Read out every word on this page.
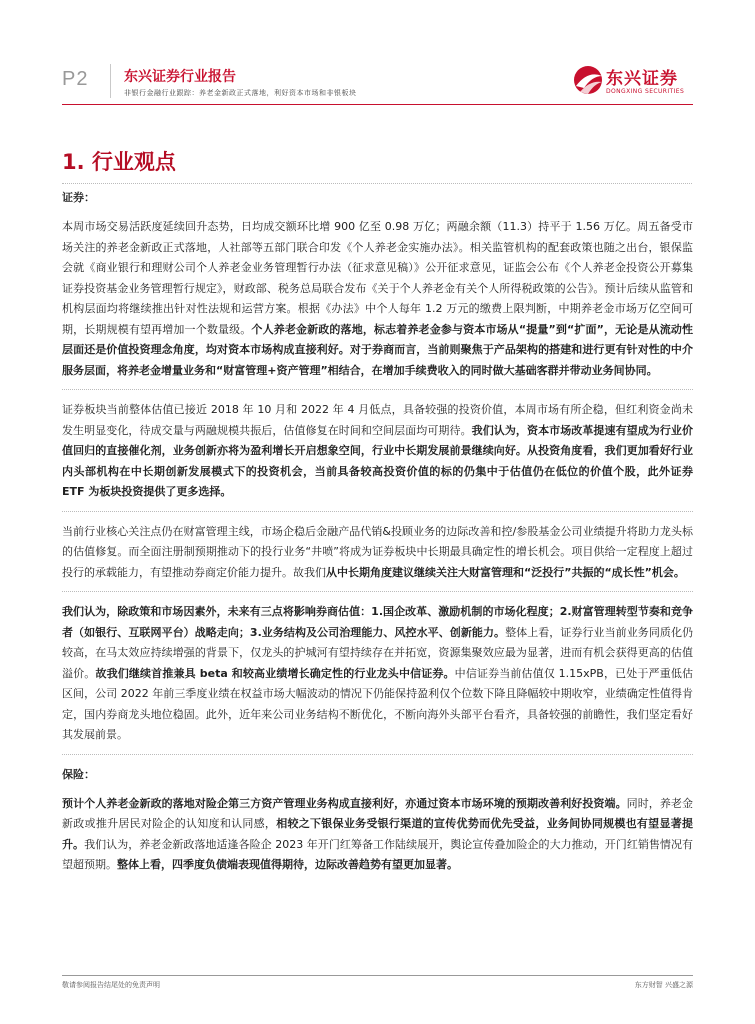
P2	东兴证券行业报告
非银行金融行业跟踪：养老金新政正式落地，利好资本市场和非银板块
东兴证券
DONGXING SECURITIES
1. 行业观点
证券：

本周市场交易活跃度延续回升态势，日均成交额环比增 900 亿至 0.98 万亿；两融余额（11.3）持平于 1.56 万亿。周五备受市场关注的养老金新政正式落地，人社部等五部门联合印发《个人养老金实施办法》。相关监管机构的配套政策也随之出台，银保监会就《商业银行和理财公司个人养老金业务管理暂行办法（征求意见稿）》公开征求意见，证监会公布《个人养老金投资公开募集证券投资基金业务管理暂行规定》，财政部、税务总局联合发布《关于个人养老金有关个人所得税政策的公告》。预计后续从监管和机构层面均将继续推出针对性法规和运营方案。根据《办法》中个人每年 1.2 万元的缴费上限判断，中期养老金市场万亿空间可期，长期规模有望再增加一个数量级。个人养老金新政的落地，标志着养老金参与资本市场从“提量”到“扩面”，无论是从流动性层面还是价值投资理念角度，均对资本市场构成直接利好。对于券商而言，当前则聚焦于产品架构的搭建和进行更有针对性的中介服务层面，将养老金增量业务和“财富管理+资产管理”相结合，在增加手续费收入的同时做大基础客群并带动业务间协同。

证券板块当前整体估值已接近 2018 年 10 月和 2022 年 4 月低点，具备较强的投资价值，本周市场有所企稳，但红利资金尚未发生明显变化，待成交量与两融规模共振后，估值修复在时间和空间层面均可期待。我们认为，资本市场改革提速有望成为行业价值回归的直接催化剂，业务创新亦将为盈利增长开启想象空间，行业中长期发展前景继续向好。从投资角度看，我们更加看好行业内头部机构在中长期创新发展模式下的投资机会，当前具备较高投资价值的标的仍集中于估值仍在低位的价值个股，此外证券 ETF 为板块投资提供了更多选择。

当前行业核心关注点仍在财富管理主线，市场企稳后金融产品代销&投顾业务的边际改善和控/参股基金公司业绩提升将助力龙头标的估值修复。而全面注册制预期推动下的投行业务“井喷”将成为证券板块中长期最具确定性的增长机会。项目供给一定程度上超过投行的承载能力，有望推动券商定价能力提升。故我们从中长期角度建议继续关注大财富管理和“泛投行”共振的“成长性”机会。

我们认为，除政策和市场因素外，未来有三点将影响券商估值：1.国企改革、激励机制的市场化程度；2.财富管理转型节奏和竞争者（如银行、互联网平台）战略走向；3.业务结构及公司治理能力、风控水平、创新能力。整体上看，证券行业当前业务同质化仍较高，在马太效应持续增强的背景下，仅龙头的护城河有望持续存在并拓宽，资源集聚效应最为显著，进而有机会获得更高的估值溢价。故我们继续首推兼具 beta 和较高业绩增长确定性的行业龙头中信证券。中信证券当前估值仅 1.15xPB，已处于严重低估区间，公司 2022 年前三季度业绩在权益市场大幅波动的情况下仍能保持盈利仅个位数下降且降幅较中期收窄，业绩确定性值得肯定，国内券商龙头地位稳固。此外，近年来公司业务结构不断优化，不断向海外头部平台看齐，具备较强的前瞻性，我们坚定看好其发展前景。

保险：

预计个人养老金新政的落地对险企第三方资产管理业务构成直接利好，亦通过资本市场环境的预期改善利好投资端。同时，养老金新政或推升居民对险企的认知度和认同感，相较之下银保业务受银行渠道的宣传优势而优先受益，业务间协同规模也有望显著提升。我们认为，养老金新政落地适逢各险企 2023 年开门红筹备工作陆续展开，舆论宣传叠加险企的大力推动，开门红销售情况有望超预期。整体上看，四季度负债端表现值得期待，边际改善趋势有望更加显著。

敬请参阅报告结尾处的免责声明	东方财智 兴盛之源
